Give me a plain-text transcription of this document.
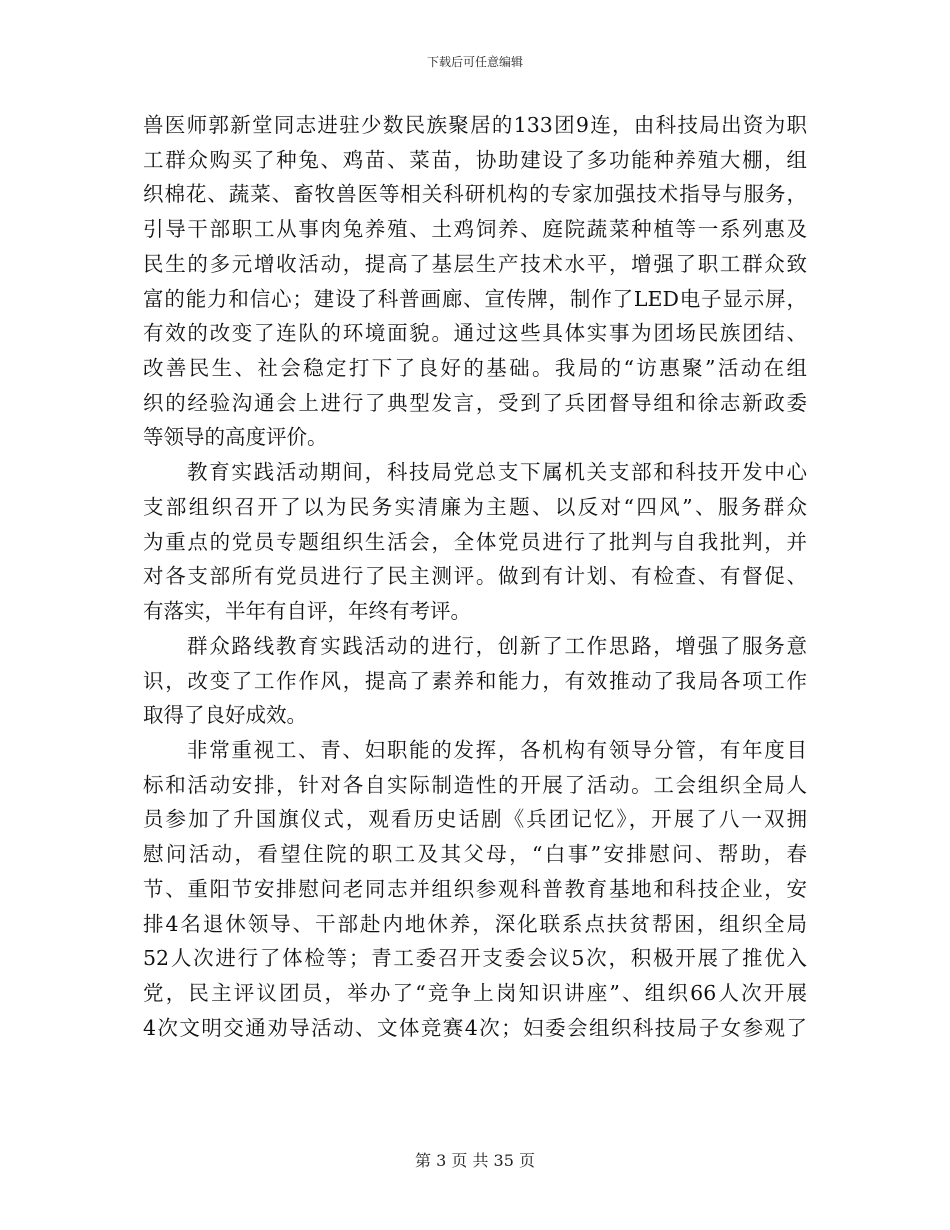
下载后可任意编辑
兽医师郭新堂同志进驻少数民族聚居的133团9连，由科技局出资为职
工群众购买了种兔、鸡苗、菜苗，协助建设了多功能种养殖大棚，组
织棉花、蔬菜、畜牧兽医等相关科研机构的专家加强技术指导与服务，
引导干部职工从事肉兔养殖、土鸡饲养、庭院蔬菜种植等一系列惠及
民生的多元增收活动，提高了基层生产技术水平，增强了职工群众致
富的能力和信心；建设了科普画廊、宣传牌，制作了LED电子显示屏，
有效的改变了连队的环境面貌。通过这些具体实事为团场民族团结、
改善民生、社会稳定打下了良好的基础。我局的“访惠聚”活动在组
织的经验沟通会上进行了典型发言，受到了兵团督导组和徐志新政委
等领导的高度评价。
教育实践活动期间，科技局党总支下属机关支部和科技开发中心
支部组织召开了以为民务实清廉为主题、以反对“四风”、服务群众
为重点的党员专题组织生活会，全体党员进行了批判与自我批判，并
对各支部所有党员进行了民主测评。做到有计划、有检查、有督促、
有落实，半年有自评，年终有考评。
群众路线教育实践活动的进行，创新了工作思路，增强了服务意
识，改变了工作作风，提高了素养和能力，有效推动了我局各项工作
取得了良好成效。
非常重视工、青、妇职能的发挥，各机构有领导分管，有年度目
标和活动安排，针对各自实际制造性的开展了活动。工会组织全局人
员参加了升国旗仪式，观看历史话剧《兵团记忆》，开展了八一双拥
慰问活动，看望住院的职工及其父母，“白事”安排慰问、帮助，春
节、重阳节安排慰问老同志并组织参观科普教育基地和科技企业，安
排4名退休领导、干部赴内地休养，深化联系点扶贫帮困，组织全局
52人次进行了体检等；青工委召开支委会议5次，积极开展了推优入
党，民主评议团员，举办了“竞争上岗知识讲座”、组织66人次开展
4次文明交通劝导活动、文体竞赛4次；妇委会组织科技局子女参观了
第 3 页 共 35 页
